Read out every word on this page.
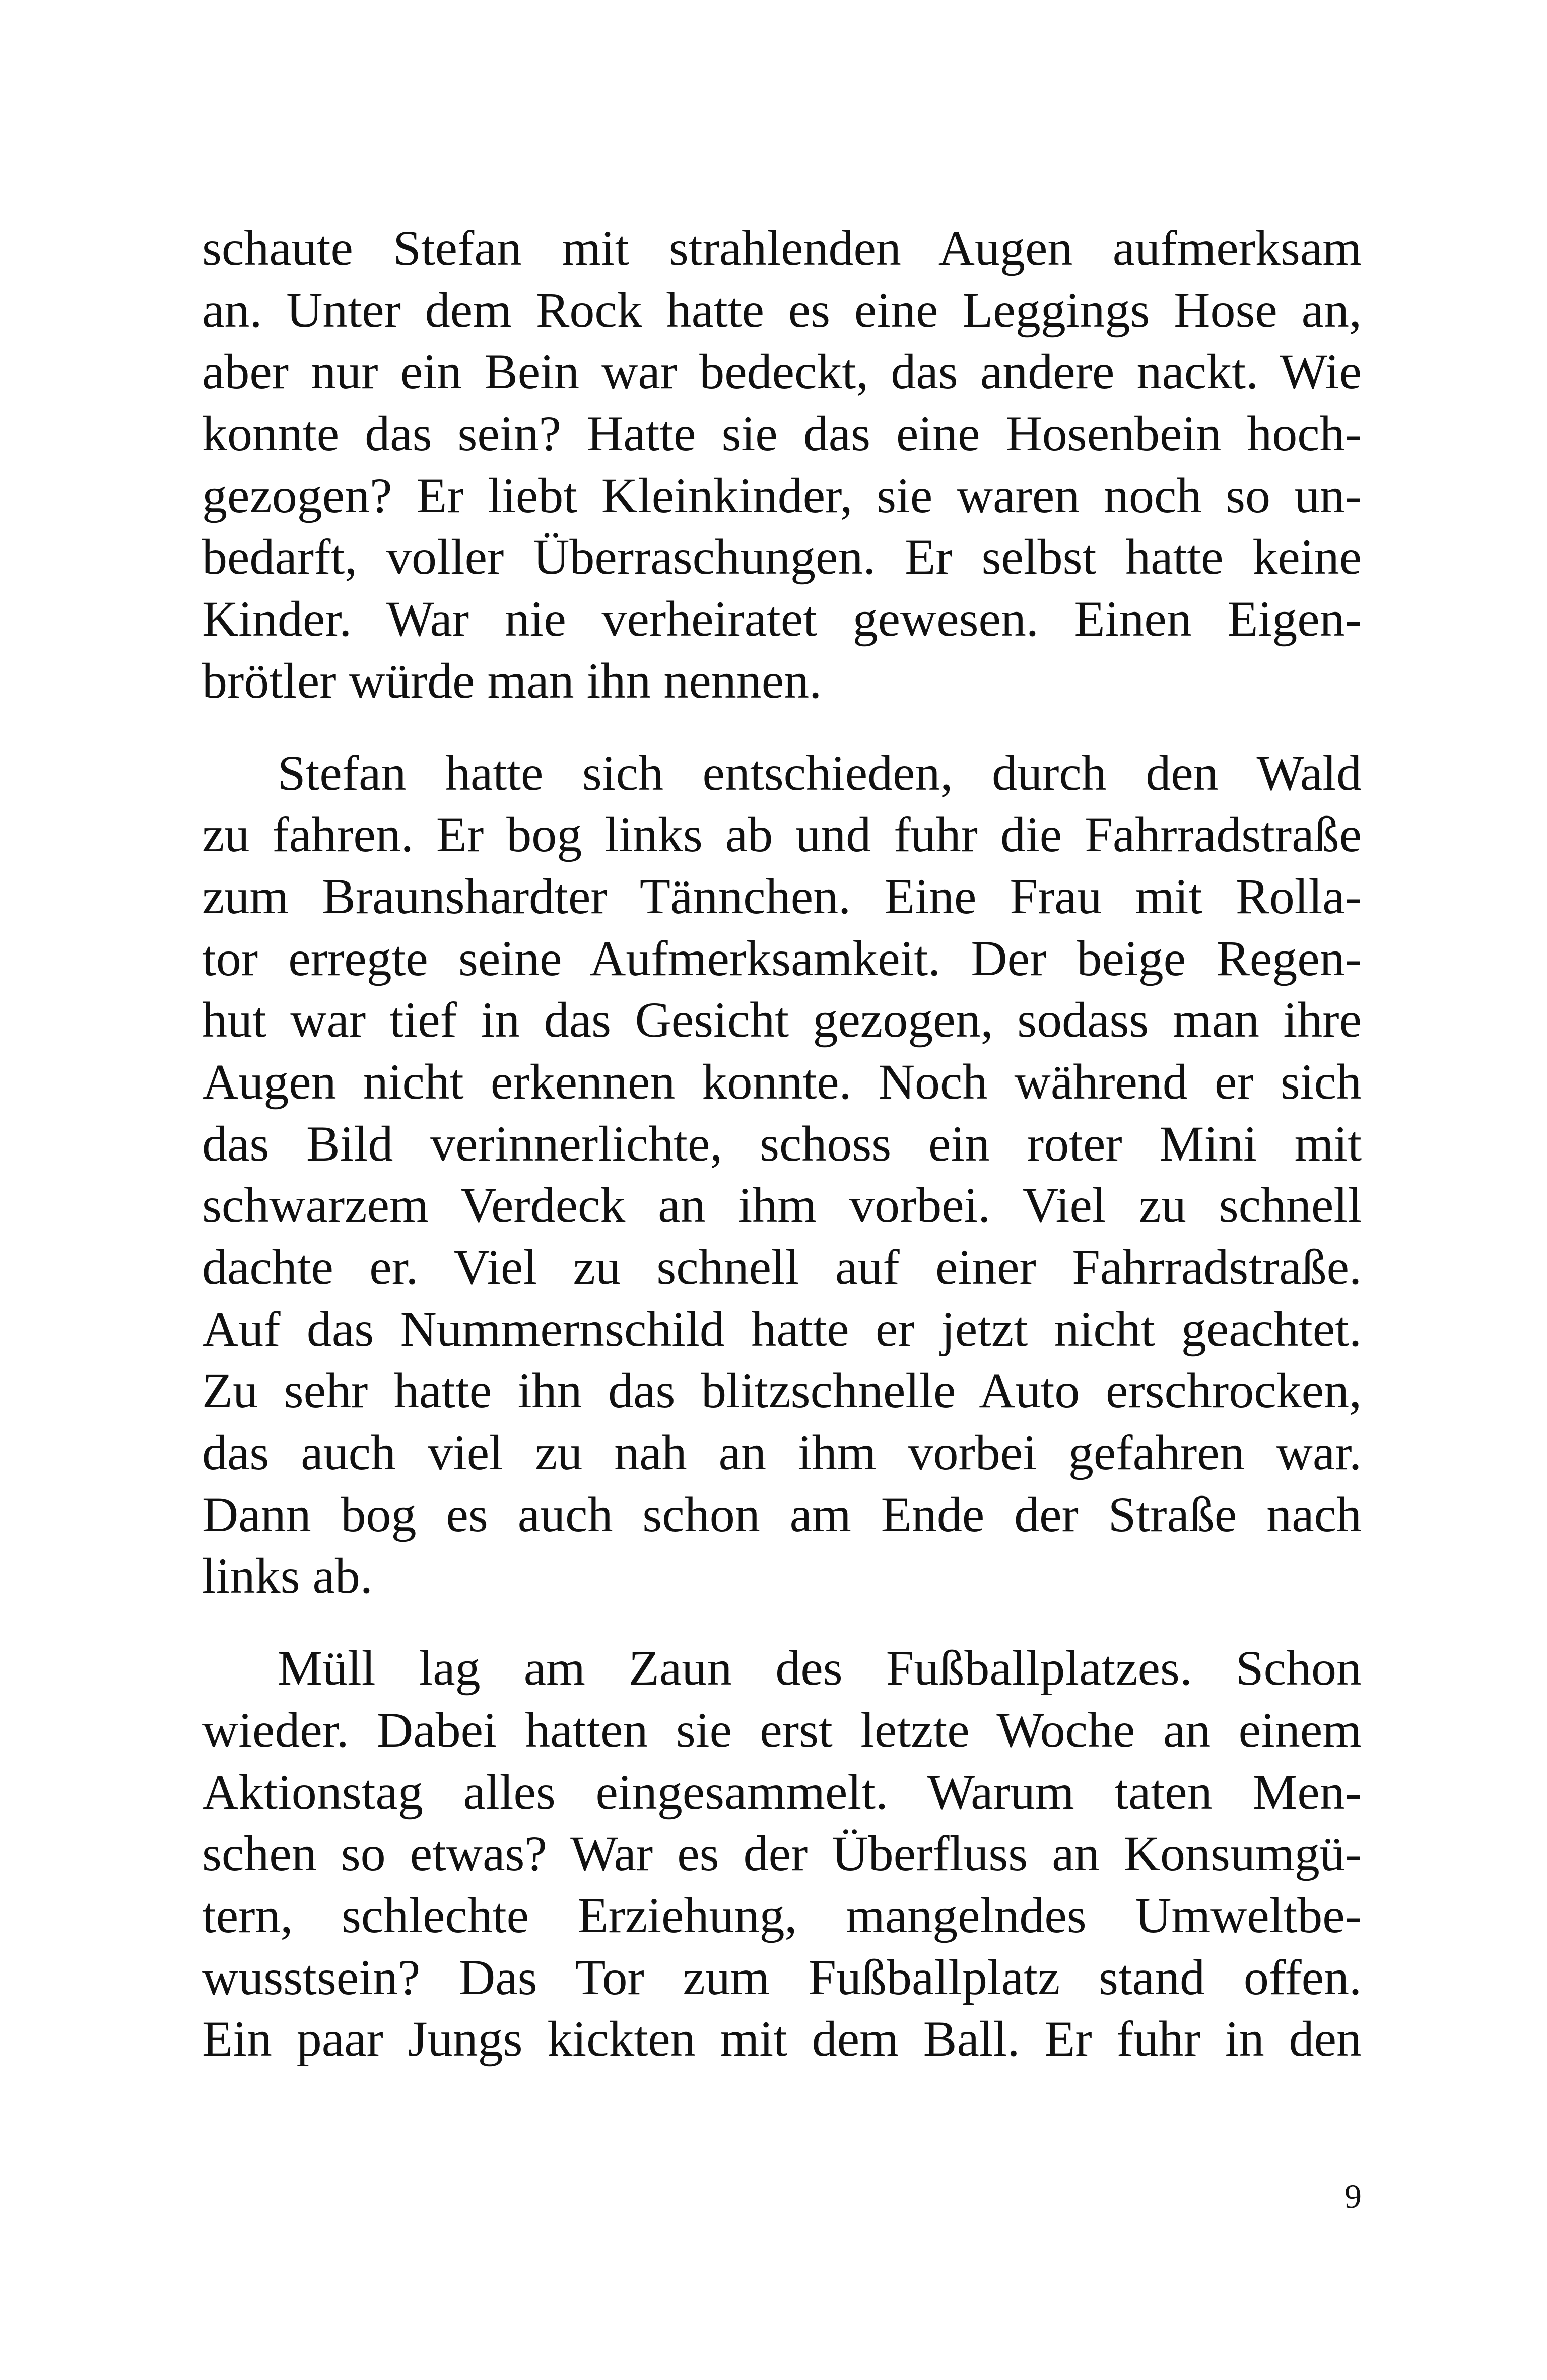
schaute Stefan mit strahlenden Augen aufmerksam
an. Unter dem Rock hatte es eine Leggings Hose an,
aber nur ein Bein war bedeckt, das andere nackt. Wie
konnte das sein? Hatte sie das eine Hosenbein hoch-
gezogen? Er liebt Kleinkinder, sie waren noch so un-
bedarft, voller Überraschungen. Er selbst hatte keine
Kinder. War nie verheiratet gewesen. Einen Eigen-
brötler würde man ihn nennen.
  Stefan hatte sich entschieden, durch den Wald
zu fahren. Er bog links ab und fuhr die Fahrradstraße
zum Braunshardter Tännchen. Eine Frau mit Rolla-
tor erregte seine Aufmerksamkeit. Der beige Regen-
hut war tief in das Gesicht gezogen, sodass man ihre
Augen nicht erkennen konnte. Noch während er sich
das Bild verinnerlichte, schoss ein roter Mini mit
schwarzem Verdeck an ihm vorbei. Viel zu schnell
dachte er. Viel zu schnell auf einer Fahrradstraße.
Auf das Nummernschild hatte er jetzt nicht geachtet.
Zu sehr hatte ihn das blitzschnelle Auto erschrocken,
das auch viel zu nah an ihm vorbei gefahren war.
Dann bog es auch schon am Ende der Straße nach
links ab.
  Müll lag am Zaun des Fußballplatzes. Schon
wieder. Dabei hatten sie erst letzte Woche an einem
Aktionstag alles eingesammelt. Warum taten Men-
schen so etwas? War es der Überfluss an Konsumgü-
tern, schlechte Erziehung, mangelndes Umweltbe-
wusstsein? Das Tor zum Fußballplatz stand offen.
Ein paar Jungs kickten mit dem Ball. Er fuhr in den
9
